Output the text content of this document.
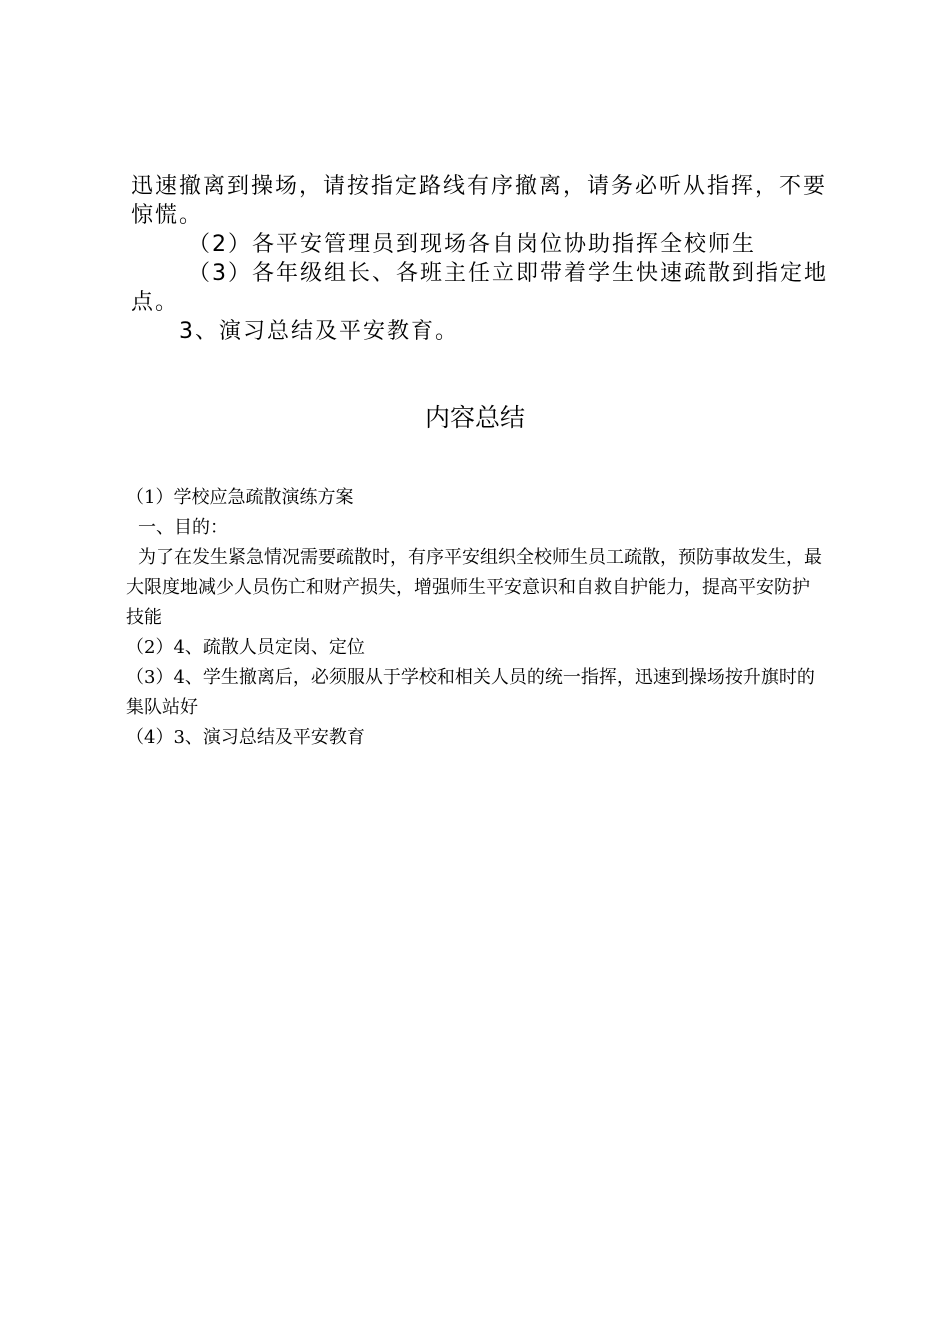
迅速撤离到操场，请按指定路线有序撤离，请务必听从指挥，不要惊慌。

（2）各平安管理员到现场各自岗位协助指挥全校师生

（3）各年级组长、各班主任立即带着学生快速疏散到指定地点。

3、演习总结及平安教育。

内容总结

（1）学校应急疏散演练方案

一、目的：

为了在发生紧急情况需要疏散时，有序平安组织全校师生员工疏散，预防事故发生，最大限度地减少人员伤亡和财产损失，增强师生平安意识和自救自护能力，提高平安防护技能

（2）4、疏散人员定岗、定位

（3）4、学生撤离后，必须服从于学校和相关人员的统一指挥，迅速到操场按升旗时的集队站好

（4）3、演习总结及平安教育
